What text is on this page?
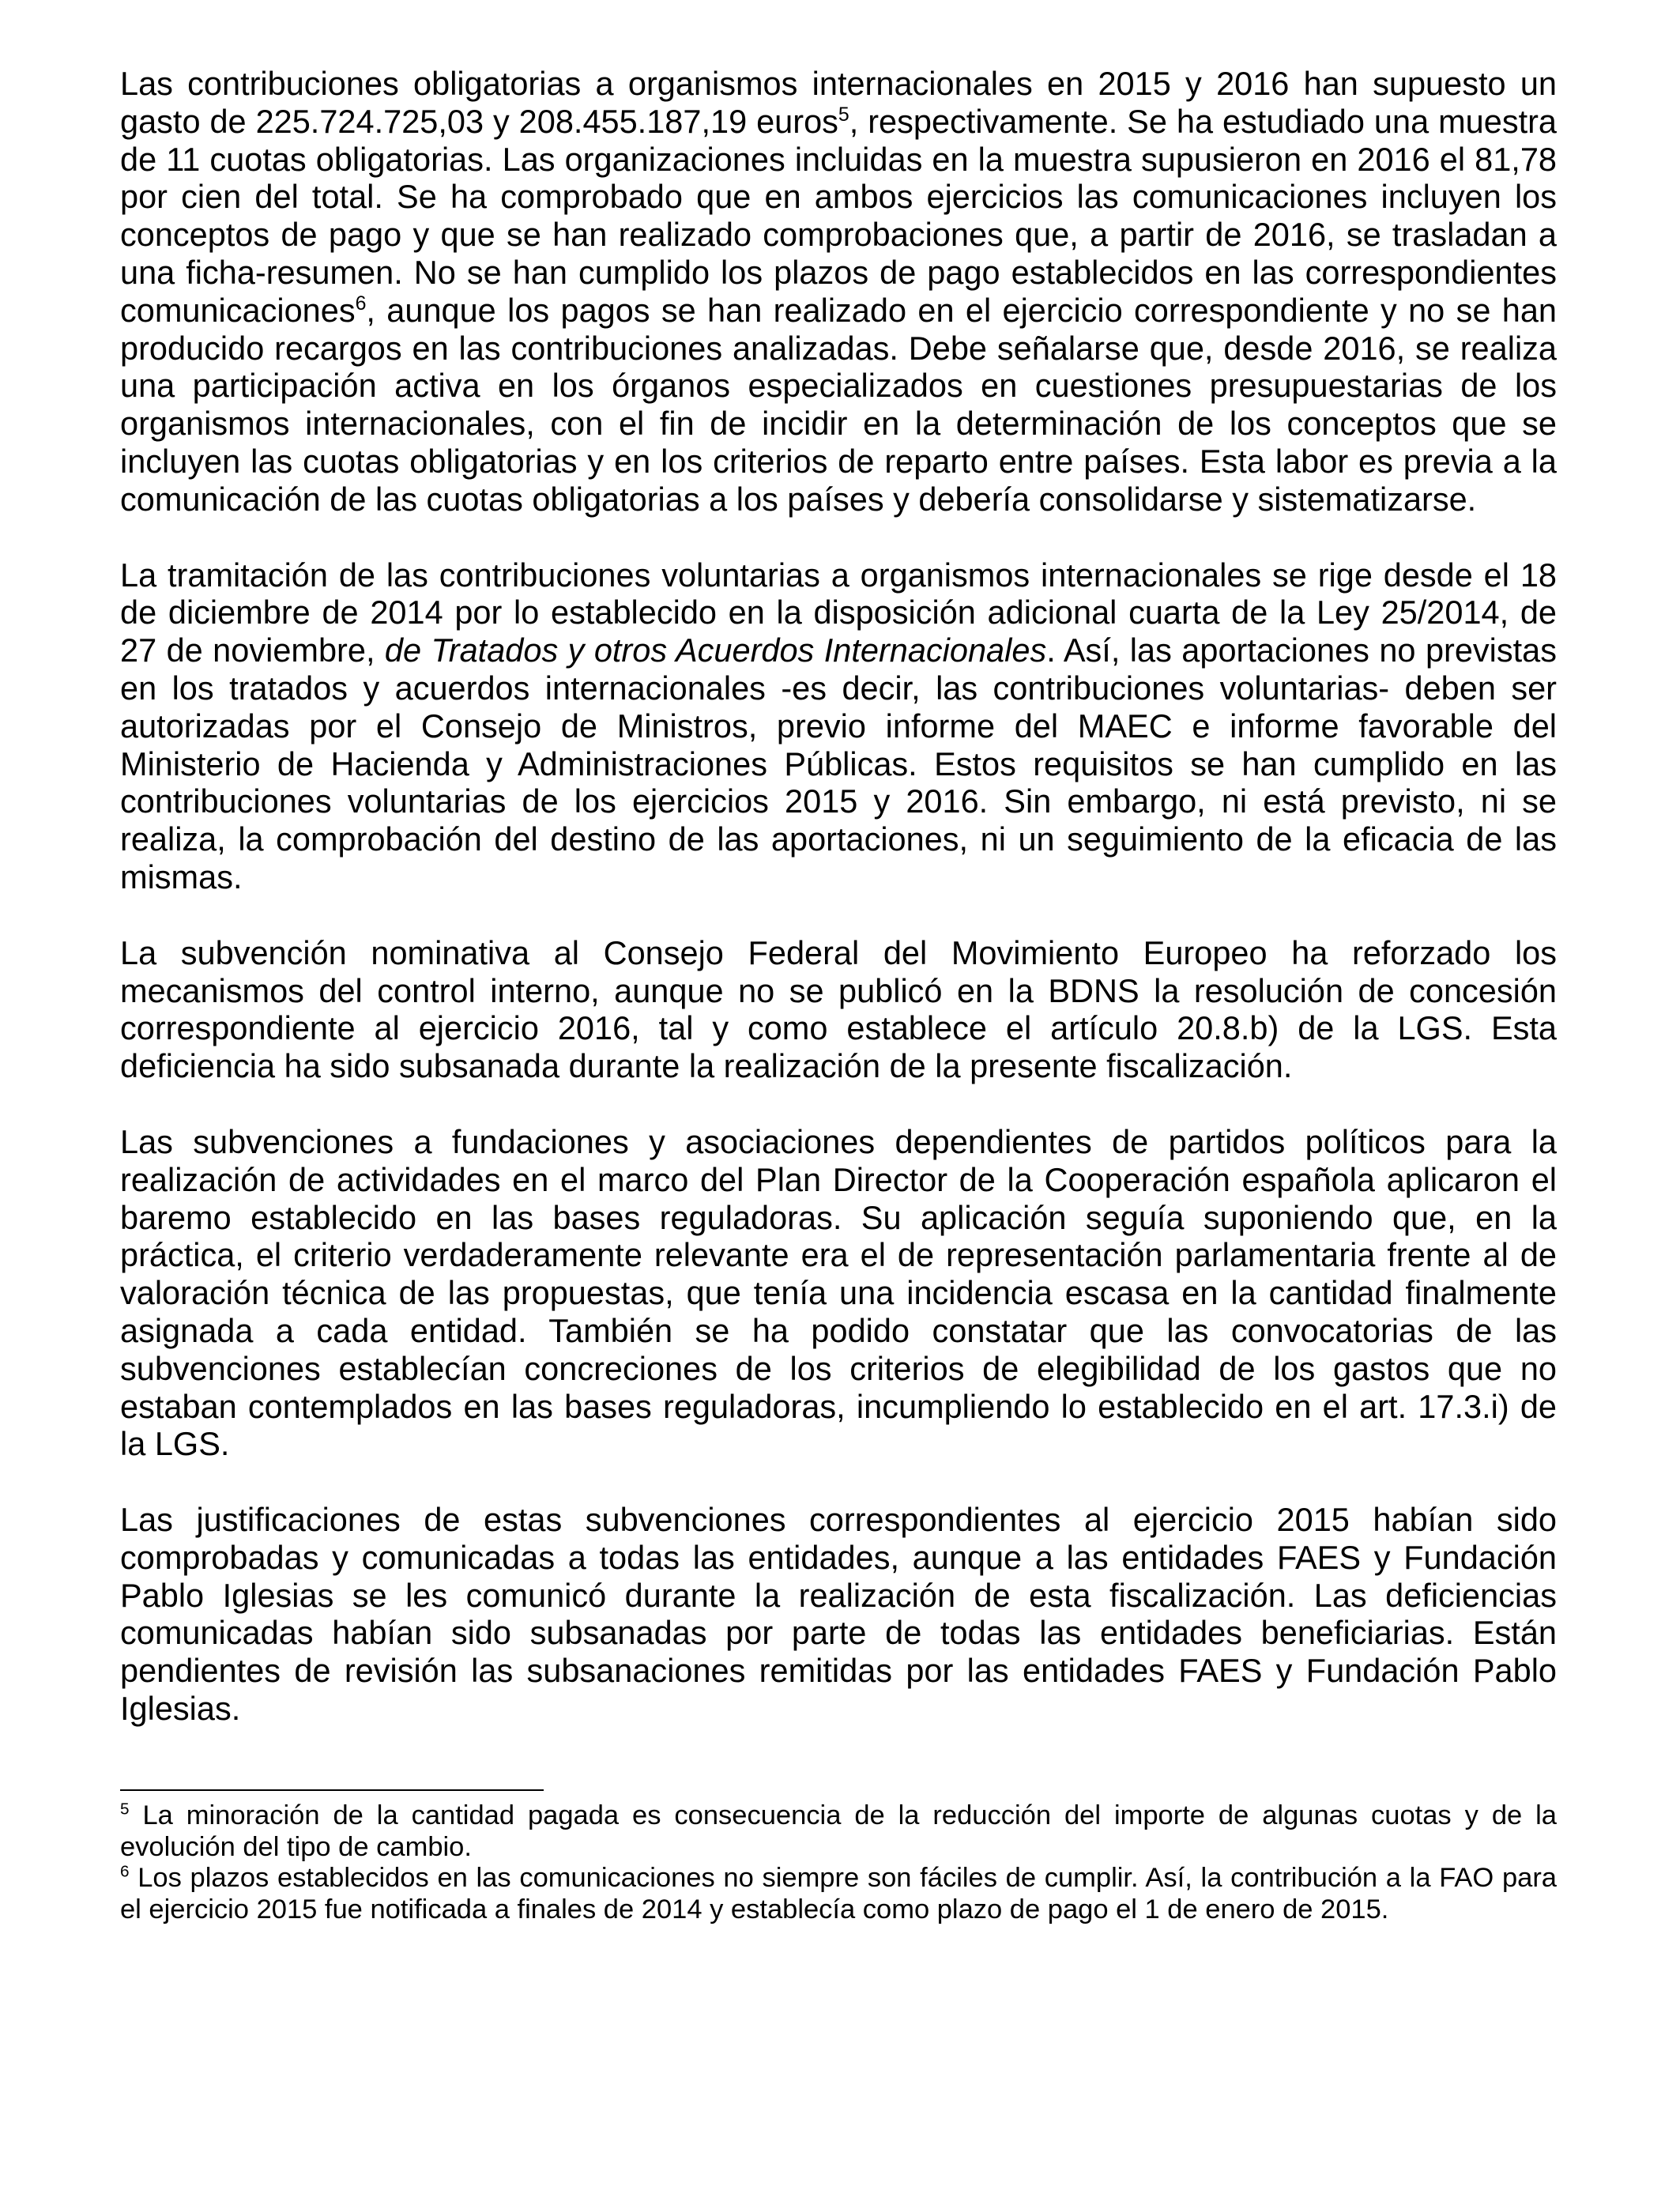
Las contribuciones obligatorias a organismos internacionales en 2015 y 2016 han supuesto un gasto de 225.724.725,03 y 208.455.187,19 euros$^5$, respectivamente. Se ha estudiado una muestra de 11 cuotas obligatorias. Las organizaciones incluidas en la muestra supusieron en 2016 el 81,78 por cien del total. Se ha comprobado que en ambos ejercicios las comunicaciones incluyen los conceptos de pago y que se han realizado comprobaciones que, a partir de 2016, se trasladan a una ficha-resumen. No se han cumplido los plazos de pago establecidos en las correspondientes comunicaciones$^6$, aunque los pagos se han realizado en el ejercicio correspondiente y no se han producido recargos en las contribuciones analizadas. Debe señalarse que, desde 2016, se realiza una participación activa en los órganos especializados en cuestiones presupuestarias de los organismos internacionales, con el fin de incidir en la determinación de los conceptos que se incluyen las cuotas obligatorias y en los criterios de reparto entre países. Esta labor es previa a la comunicación de las cuotas obligatorias a los países y debería consolidarse y sistematizarse.

La tramitación de las contribuciones voluntarias a organismos internacionales se rige desde el 18 de diciembre de 2014 por lo establecido en la disposición adicional cuarta de la Ley 25/2014, de 27 de noviembre, de Tratados y otros Acuerdos Internacionales. Así, las aportaciones no previstas en los tratados y acuerdos internacionales -es decir, las contribuciones voluntarias- deben ser autorizadas por el Consejo de Ministros, previo informe del MAEC e informe favorable del Ministerio de Hacienda y Administraciones Públicas. Estos requisitos se han cumplido en las contribuciones voluntarias de los ejercicios 2015 y 2016. Sin embargo, ni está previsto, ni se realiza, la comprobación del destino de las aportaciones, ni un seguimiento de la eficacia de las mismas.

La subvención nominativa al Consejo Federal del Movimiento Europeo ha reforzado los mecanismos del control interno, aunque no se publicó en la BDNS la resolución de concesión correspondiente al ejercicio 2016, tal y como establece el artículo 20.8.b) de la LGS. Esta deficiencia ha sido subsanada durante la realización de la presente fiscalización.

Las subvenciones a fundaciones y asociaciones dependientes de partidos políticos para la realización de actividades en el marco del Plan Director de la Cooperación española aplicaron el baremo establecido en las bases reguladoras. Su aplicación seguía suponiendo que, en la práctica, el criterio verdaderamente relevante era el de representación parlamentaria frente al de valoración técnica de las propuestas, que tenía una incidencia escasa en la cantidad finalmente asignada a cada entidad. También se ha podido constatar que las convocatorias de las subvenciones establecían concreciones de los criterios de elegibilidad de los gastos que no estaban contemplados en las bases reguladoras, incumpliendo lo establecido en el art. 17.3.i) de la LGS.

Las justificaciones de estas subvenciones correspondientes al ejercicio 2015 habían sido comprobadas y comunicadas a todas las entidades, aunque a las entidades FAES y Fundación Pablo Iglesias se les comunicó durante la realización de esta fiscalización. Las deficiencias comunicadas habían sido subsanadas por parte de todas las entidades beneficiarias. Están pendientes de revisión las subsanaciones remitidas por las entidades FAES y Fundación Pablo Iglesias.

$^5$ La minoración de la cantidad pagada es consecuencia de la reducción del importe de algunas cuotas y de la evolución del tipo de cambio.

$^6$ Los plazos establecidos en las comunicaciones no siempre son fáciles de cumplir. Así, la contribución a la FAO para el ejercicio 2015 fue notificada a finales de 2014 y establecía como plazo de pago el 1 de enero de 2015.
